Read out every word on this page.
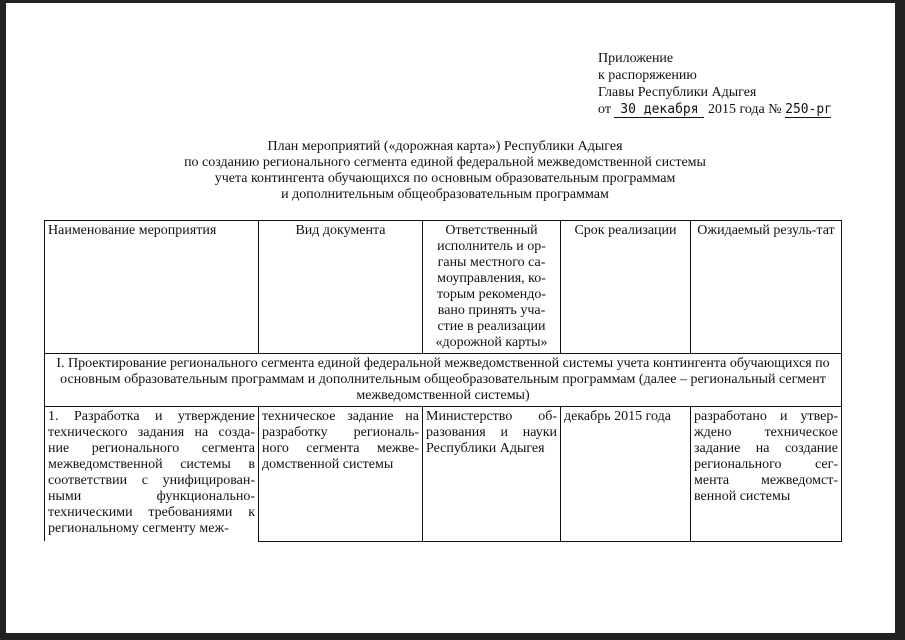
Приложение
к распоряжению
Главы Республики Адыгея
от 30 декабря 2015 года № 250-рг
План мероприятий («дорожная карта») Республики Адыгея
по созданию регионального сегмента единой федеральной межведомственной системы
учета контингента обучающихся по основным образовательным программам
и дополнительным общеобразовательным программам
Наименование мероприятия	Вид документа	Ответственный исполнитель и ор-ганы местного са-моуправления, ко-торым рекомендо-вано принять уча-стие в реализации «дорожной карты»	Срок реализации	Ожидаемый резуль-тат
I. Проектирование регионального сегмента единой федеральной межведомственной системы учета контингента обучающихся по основным образовательным программам и дополнительным общеобразовательным программам (далее – региональный сегмент межведомственной системы)				
1. Разработка и утверждение технического задания на созда-ние регионального сегмента межведомственной системы в соответствии с унифицирован-ными функционально-техническими требованиями к региональному сегменту меж-	техническое задание на разработку региональ-ного сегмента межве-домственной системы	Министерство об-разования и науки Республики Адыгея	декабрь 2015 года	разработано и утвер-ждено техническое задание на создание регионального сег-мента межведомст-венной системы
